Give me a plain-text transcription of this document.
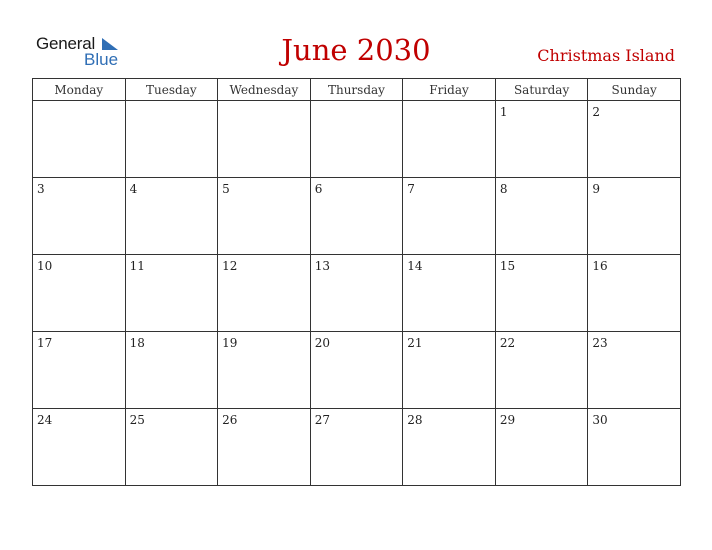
General
Blue	June 2030	Christmas Island
Monday	Tuesday	Wednesday	Thursday	Friday	Saturday	Sunday

					1	2

3	4	5	6	7	8	9

10	11	12	13	14	15	16

17	18	19	20	21	22	23

24	25	26	27	28	29	30
